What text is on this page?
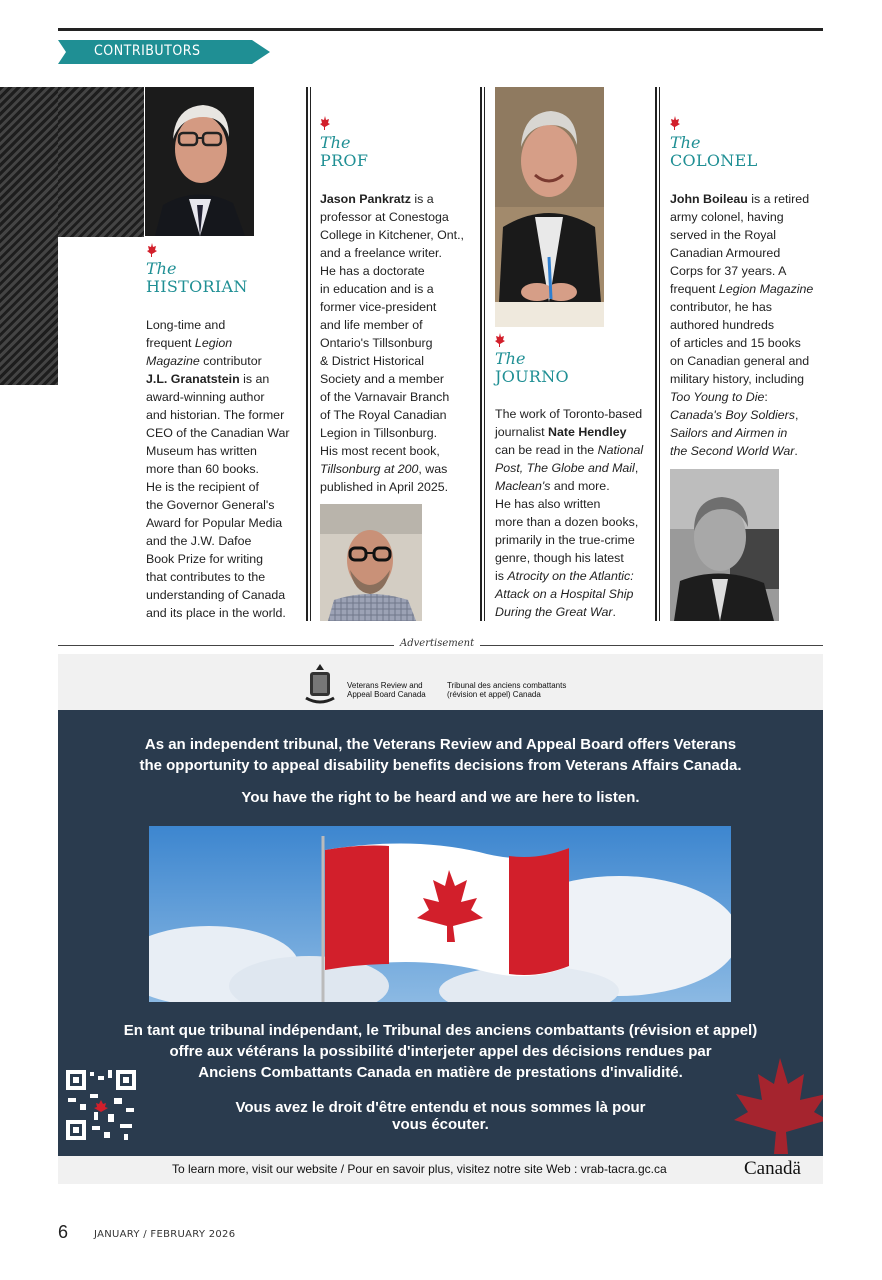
CONTRIBUTORS
The
HISTORIAN
Long-time and
frequent Legion
Magazine contributor
J.L. Granatstein is an
award-winning author
and historian. The former
CEO of the Canadian War
Museum has written
more than 60 books.
He is the recipient of
the Governor General's
Award for Popular Media
and the J.W. Dafoe
Book Prize for writing
that contributes to the
understanding of Canada
and its place in the world.
The
PROF
Jason Pankratz is a
professor at Conestoga
College in Kitchener, Ont.,
and a freelance writer.
He has a doctorate
in education and is a
former vice-president
and life member of
Ontario's Tillsonburg
& District Historical
Society and a member
of the Varnavair Branch
of The Royal Canadian
Legion in Tillsonburg.
His most recent book,
Tillsonburg at 200, was
published in April 2025.
The
JOURNO
The work of Toronto-based
journalist Nate Hendley
can be read in the National
Post, The Globe and Mail,
Maclean's and more.
He has also written
more than a dozen books,
primarily in the true-crime
genre, though his latest
is Atrocity on the Atlantic:
Attack on a Hospital Ship
During the Great War.
The
COLONEL
John Boileau is a retired
army colonel, having
served in the Royal
Canadian Armoured
Corps for 37 years. A
frequent Legion Magazine
contributor, he has
authored hundreds
of articles and 15 books
on Canadian general and
military history, including
Too Young to Die:
Canada's Boy Soldiers,
Sailors and Airmen in
the Second World War.
Advertisement
Veterans Review and
Appeal Board Canada
Tribunal des anciens combattants
(révision et appel) Canada
As an independent tribunal, the Veterans Review and Appeal Board offers Veterans
the opportunity to appeal disability benefits decisions from Veterans Affairs Canada.
You have the right to be heard and we are here to listen.
En tant que tribunal indépendant, le Tribunal des anciens combattants (révision et appel)
offre aux vétérans la possibilité d'interjeter appel des décisions rendues par
Anciens Combattants Canada en matière de prestations d'invalidité.
Vous avez le droit d'être entendu et nous sommes là pour
vous écouter.
To learn more, visit our website / Pour en savoir plus, visitez notre site Web : vrab-tacra.gc.ca	Canadä
6	JANUARY / FEBRUARY 2026
